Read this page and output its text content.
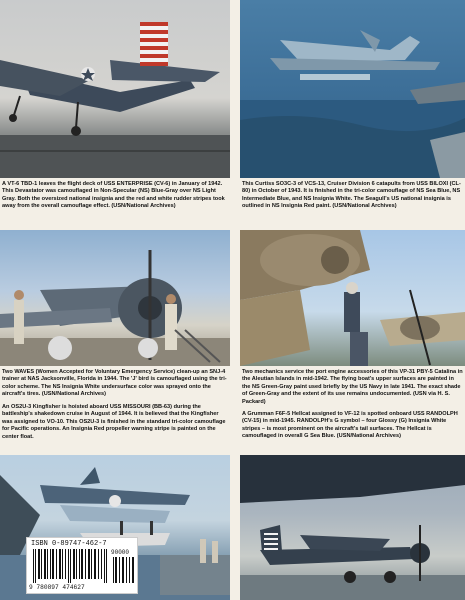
A VT-6 TBD-1 leaves the flight deck of USS ENTERPRISE (CV-6) in January of 1942. This Devastator was camouflaged in Non-Specular (NS) Blue-Gray over NS Light Gray. Both the oversized national insignia and the red and white rudder stripes took away from the overall camouflage effect. (USN/National Archives)

This Curtiss SO3C-3 of VCS-13, Cruiser Division 6 catapults from USS BILOXI (CL-80) in October of 1943. It is finished in the tri-color camouflage of NS Sea Blue, NS Intermediate Blue, and NS Insignia White. The Seagull's US national insignia is outlined in NS Insignia Red paint. (USN/National Archives)

Two WAVES (Women Accepted for Voluntary Emergency Service) clean-up an SNJ-4 trainer at NAS Jacksonville, Florida in 1944. The 'J' bird is camouflaged using the tri-color scheme. The NS Insignia White undersurface color was sprayed onto the aircraft's tires. (USN/National Archives)

An OS2U-3 Kingfisher is hoisted aboard USS MISSOURI (BB-63) during the battleship's shakedown cruise in August of 1944. It is believed that the Kingfisher was assigned to VO-10. This OS2U-3 is finished in the standard tri-color camouflage for Pacific operations. An Insignia Red propeller warning stripe is painted on the center float.

Two mechanics service the port engine accessories of this VP-31 PBY-5 Catalina in the Aleutian Islands in mid-1942. The flying boat's upper surfaces are painted in the NS Green-Gray paint used briefly by the US Navy in late 1941. The exact shade of Green-Gray and the extent of its use remains undocumented. (USN via H. S. Packard)

A Grumman F6F-5 Hellcat assigned to VF-12 is spotted onboard USS RANDOLPH (CV-15) in mid-1945. RANDOLPH's G symbol – four Glossy (G) Insignia White stripes – is most prominent on the aircraft's tail surfaces. The Hellcat is camouflaged in overall G Sea Blue. (USN/National Archives)

ISBN 0-89747-462-7
90000
9 780897 474627
